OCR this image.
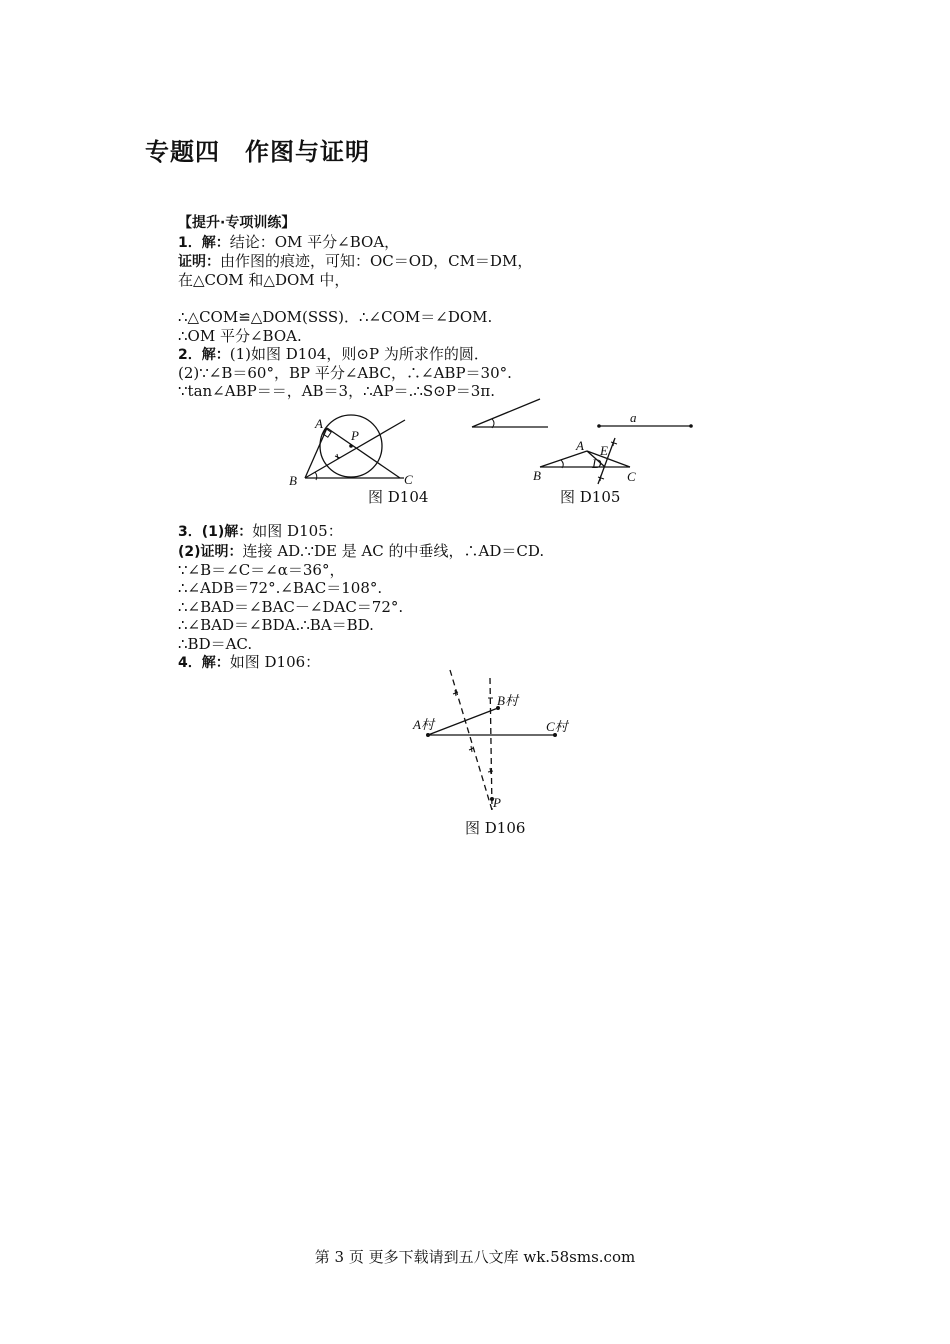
专题四　作图与证明
【提升·专项训练】
1．解：结论：OM 平分∠BOA，
证明：由作图的痕迹，可知：OC＝OD，CM＝DM，
在△COM 和△DOM 中，
∴△COM≌△DOM(SSS)．∴∠COM＝∠DOM.
∴OM 平分∠BOA.
2．解：(1)如图 D104，则⊙P 为所求作的圆．
(2)∵∠B＝60°，BP 平分∠ABC，∴∠ABP＝30°.
∵tan∠ABP＝＝，AB＝3，∴AP＝.∴S⊙P＝3π.
A
B	C
P
图 D104
a
A
B	C
D
E
图 D105
3．(1)解：如图 D105：
(2)证明：连接 AD.∵DE 是 AC 的中垂线，∴AD＝CD.
∵∠B＝∠C＝∠α＝36°，
∴∠ADB＝72°.∠BAC＝108°.
∴∠BAD＝∠BAC－∠DAC＝72°.
∴∠BAD＝∠BDA.∴BA＝BD.
∴BD＝AC.
4．解：如图 D106：
A村
B村
C村
P
图 D106
第 3 页 更多下载请到五八文库 wk.58sms.com
